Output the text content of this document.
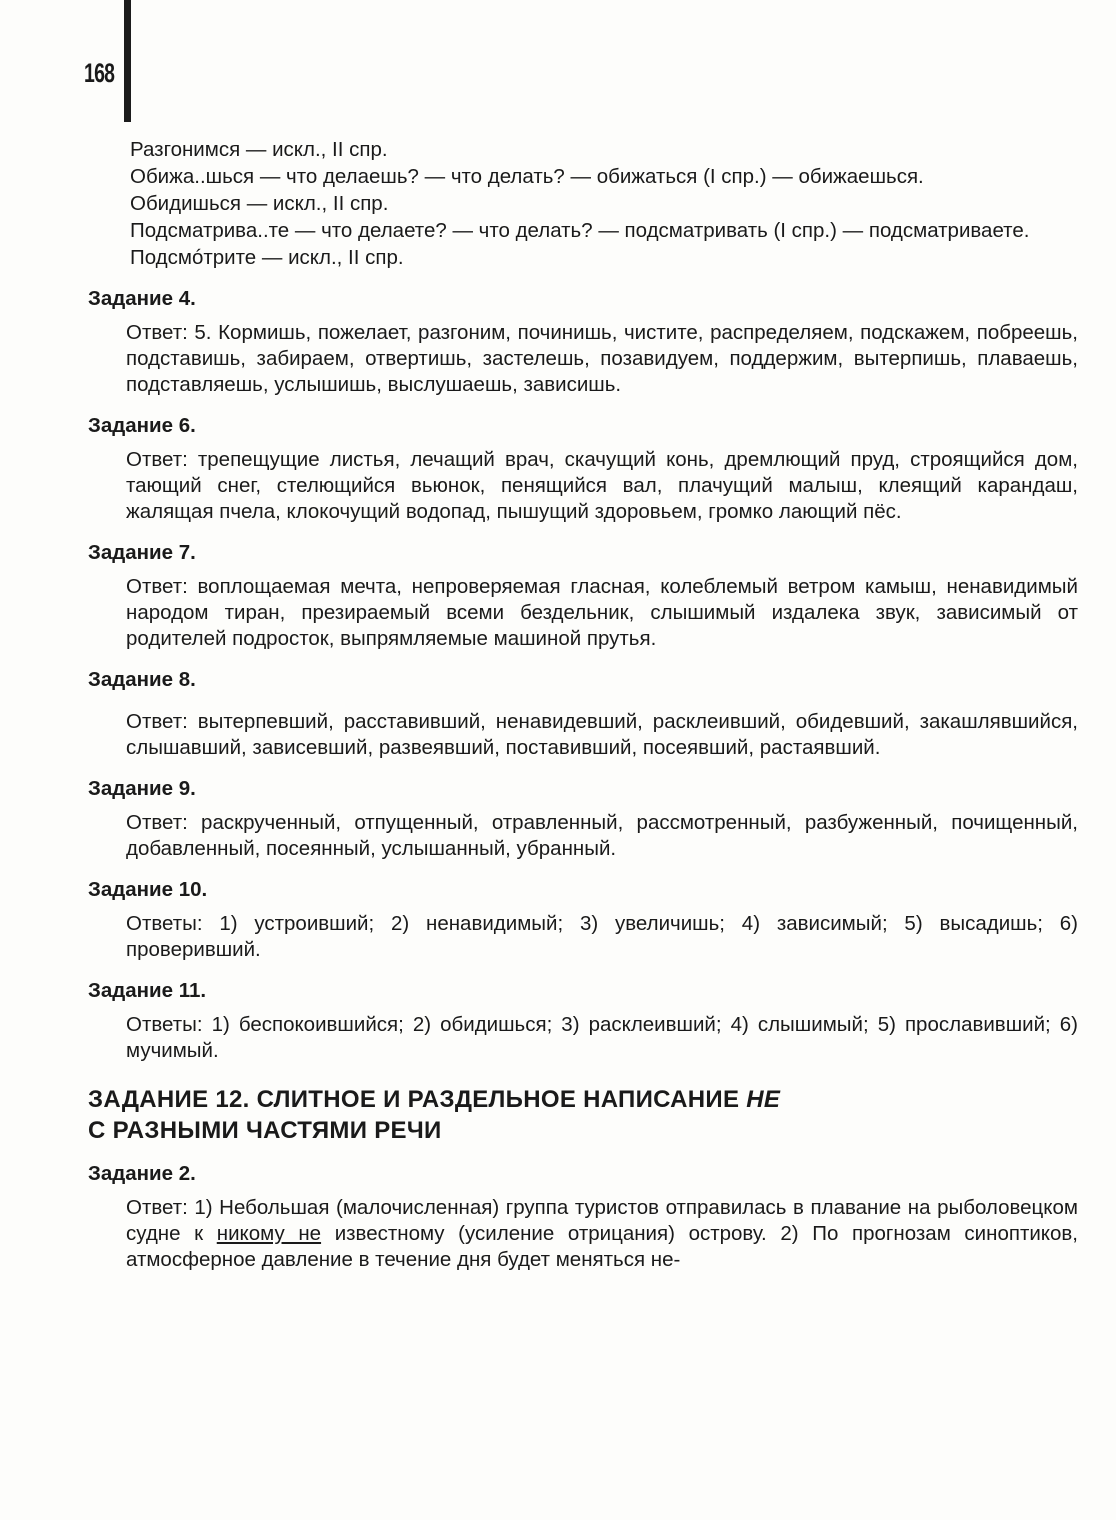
168
Разгонимся — искл., II спр.
Обижа..шься — что делаешь? — что делать? — обижаться (I спр.) — обижаешься.
Обидишься — искл., II спр.
Подсматрива..те — что делаете? — что делать? — подсматривать (I спр.) — подсматриваете.
Подсмóтрите — искл., II спр.
Задание 4.
Ответ: 5. Кормишь, пожелает, разгоним, починишь, чистите, распределяем, подскажем, побреешь, подставишь, забираем, отвертишь, застелешь, позавидуем, поддержим, вытерпишь, плаваешь, подставляешь, услышишь, выслушаешь, зависишь.
Задание 6.
Ответ: трепещущие листья, лечащий врач, скачущий конь, дремлющий пруд, строящийся дом, тающий снег, стелющийся вьюнок, пенящийся вал, плачущий малыш, клеящий карандаш, жалящая пчела, клокочущий водопад, пышущий здоровьем, громко лающий пёс.
Задание 7.
Ответ: воплощаемая мечта, непроверяемая гласная, колеблемый ветром камыш, ненавидимый народом тиран, презираемый всеми бездельник, слышимый издалека звук, зависимый от родителей подросток, выпрямляемые машиной прутья.
Задание 8.
Ответ: вытерпевший, расставивший, ненавидевший, расклеивший, обидевший, закашлявшийся, слышавший, зависевший, развеявший, поставивший, посеявший, растаявший.
Задание 9.
Ответ: раскрученный, отпущенный, отравленный, рассмотренный, разбуженный, почищенный, добавленный, посеянный, услышанный, убранный.
Задание 10.
Ответы: 1) устроивший; 2) ненавидимый; 3) увеличишь; 4) зависимый; 5) высадишь; 6) проверивший.
Задание 11.
Ответы: 1) беспокоившийся; 2) обидишься; 3) расклеивший; 4) слышимый; 5) прославивший; 6) мучимый.
ЗАДАНИЕ 12. СЛИТНОЕ И РАЗДЕЛЬНОЕ НАПИСАНИЕ НЕ
С РАЗНЫМИ ЧАСТЯМИ РЕЧИ
Задание 2.
Ответ: 1) Небольшая (малочисленная) группа туристов отправилась в плавание на рыболовецком судне к никому не известному (усиление отрицания) острову. 2) По прогнозам синоптиков, атмосферное давление в течение дня будет меняться не-
